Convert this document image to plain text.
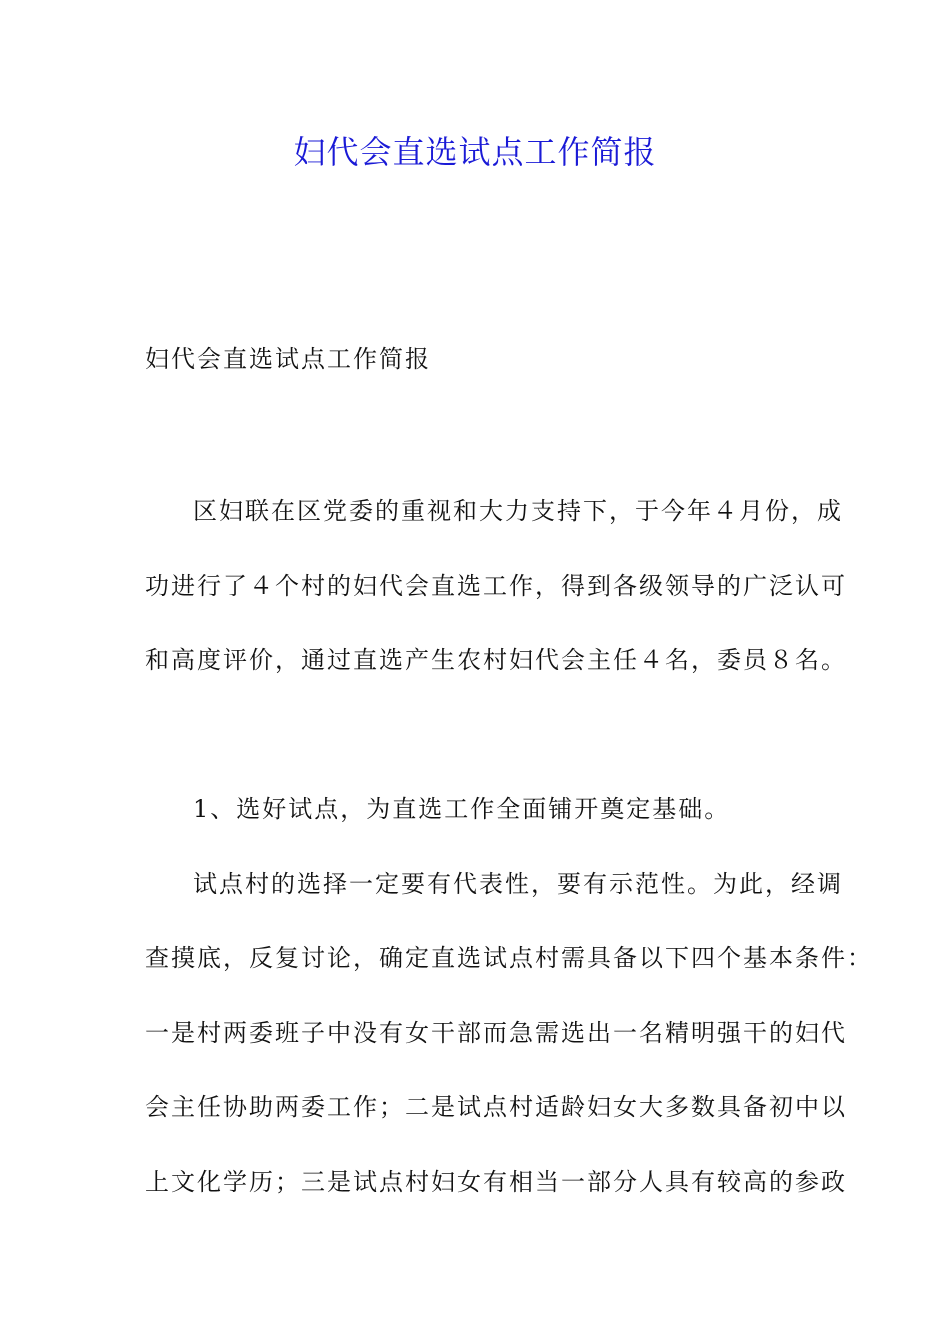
妇代会直选试点工作简报
妇代会直选试点工作简报
区妇联在区党委的重视和大力支持下，于今年４月份，成
功进行了４个村的妇代会直选工作，得到各级领导的广泛认可
和高度评价，通过直选产生农村妇代会主任４名，委员８名。
1、选好试点，为直选工作全面铺开奠定基础。
试点村的选择一定要有代表性，要有示范性。为此，经调
查摸底，反复讨论，确定直选试点村需具备以下四个基本条件：
一是村两委班子中没有女干部而急需选出一名精明强干的妇代
会主任协助两委工作；二是试点村适龄妇女大多数具备初中以
上文化学历；三是试点村妇女有相当一部分人具有较高的参政
